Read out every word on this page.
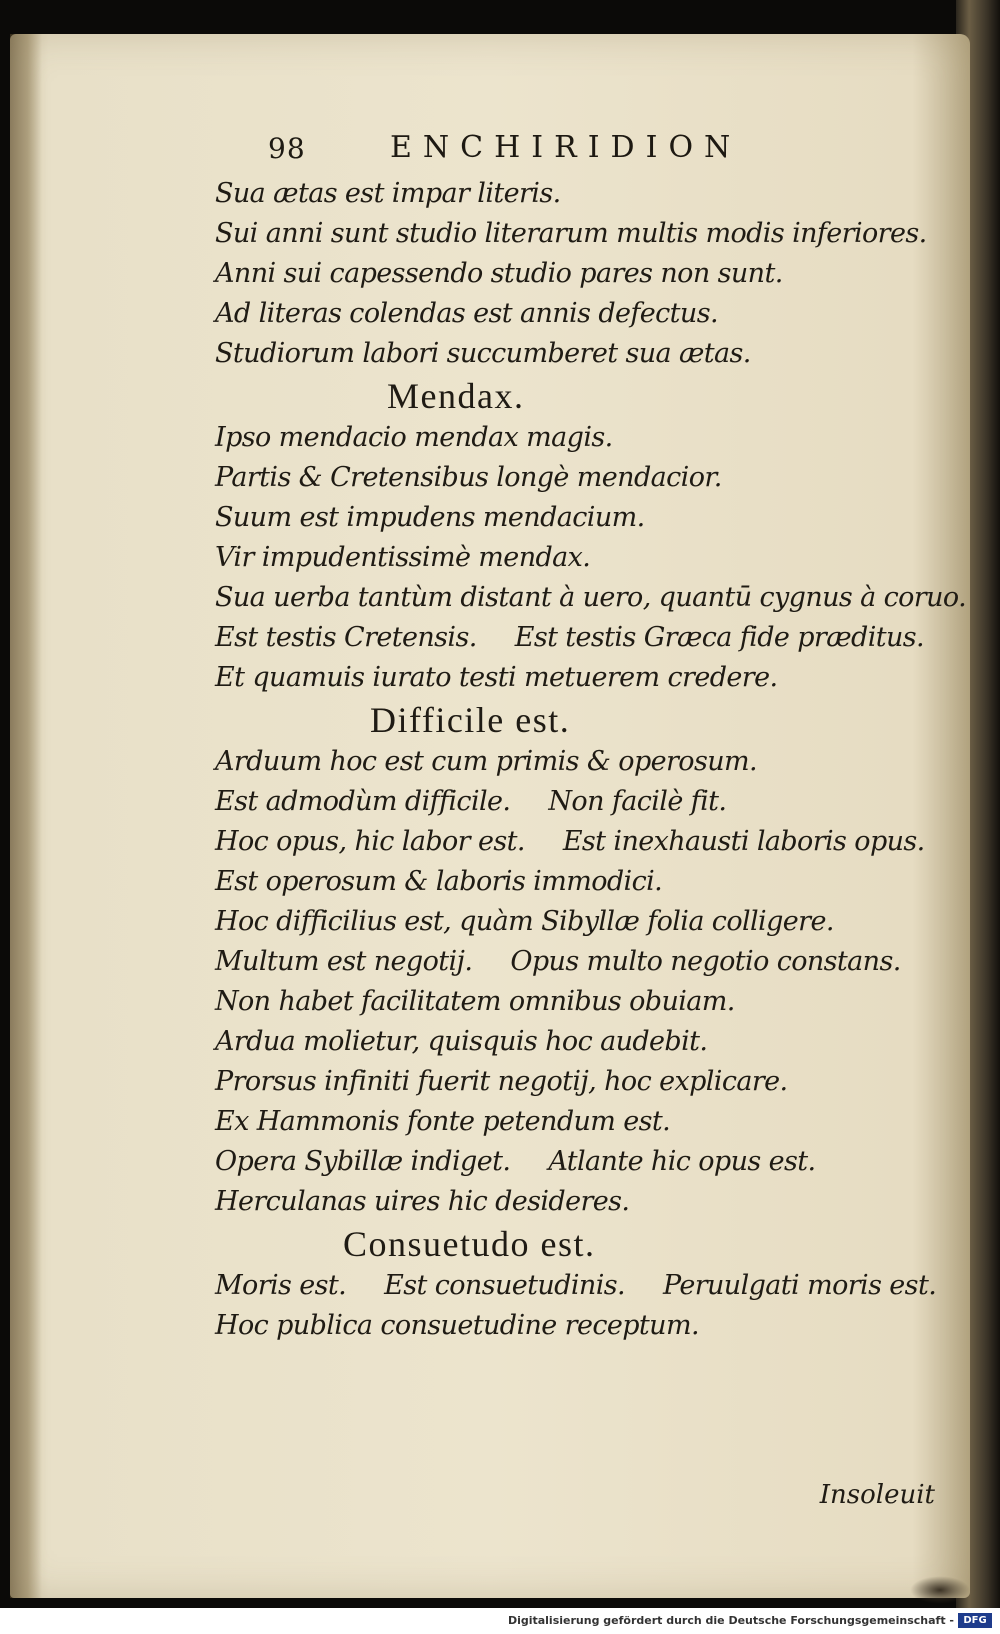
98	ENCHIRIDION
Sua ætas est impar literis.
Sui anni sunt studio literarum multis modis inferiores.
Anni sui capessendo studio pares non sunt.
Ad literas colendas est annis defectus.
Studiorum labori succumberet sua ætas.
Mendax.
Ipso mendacio mendax magis.
Partis & Cretensibus longè mendacior.
Suum est impudens mendacium.
Vir impudentissimè mendax.
Sua uerba tantùm distant à uero, quantū cygnus à coruo.
Est testis Cretensis. Est testis Græca fide præditus.
Et quamuis iurato testi metuerem credere.
Difficile est.
Arduum hoc est cum primis & operosum.
Est admodùm difficile. Non facilè fit.
Hoc opus, hic labor est. Est inexhausti laboris opus.
Est operosum & laboris immodici.
Hoc difficilius est, quàm Sibyllæ folia colligere.
Multum est negotij. Opus multo negotio constans.
Non habet facilitatem omnibus obuiam.
Ardua molietur, quisquis hoc audebit.
Prorsus infiniti fuerit negotij, hoc explicare.
Ex Hammonis fonte petendum est.
Opera Sybillæ indiget. Atlante hic opus est.
Herculanas uires hic desideres.
Consuetudo est.
Moris est. Est consuetudinis. Peruulgati moris est.
Hoc publica consuetudine receptum.
Insoleuit
Digitalisierung gefördert durch die Deutsche Forschungsgemeinschaft - DFG
